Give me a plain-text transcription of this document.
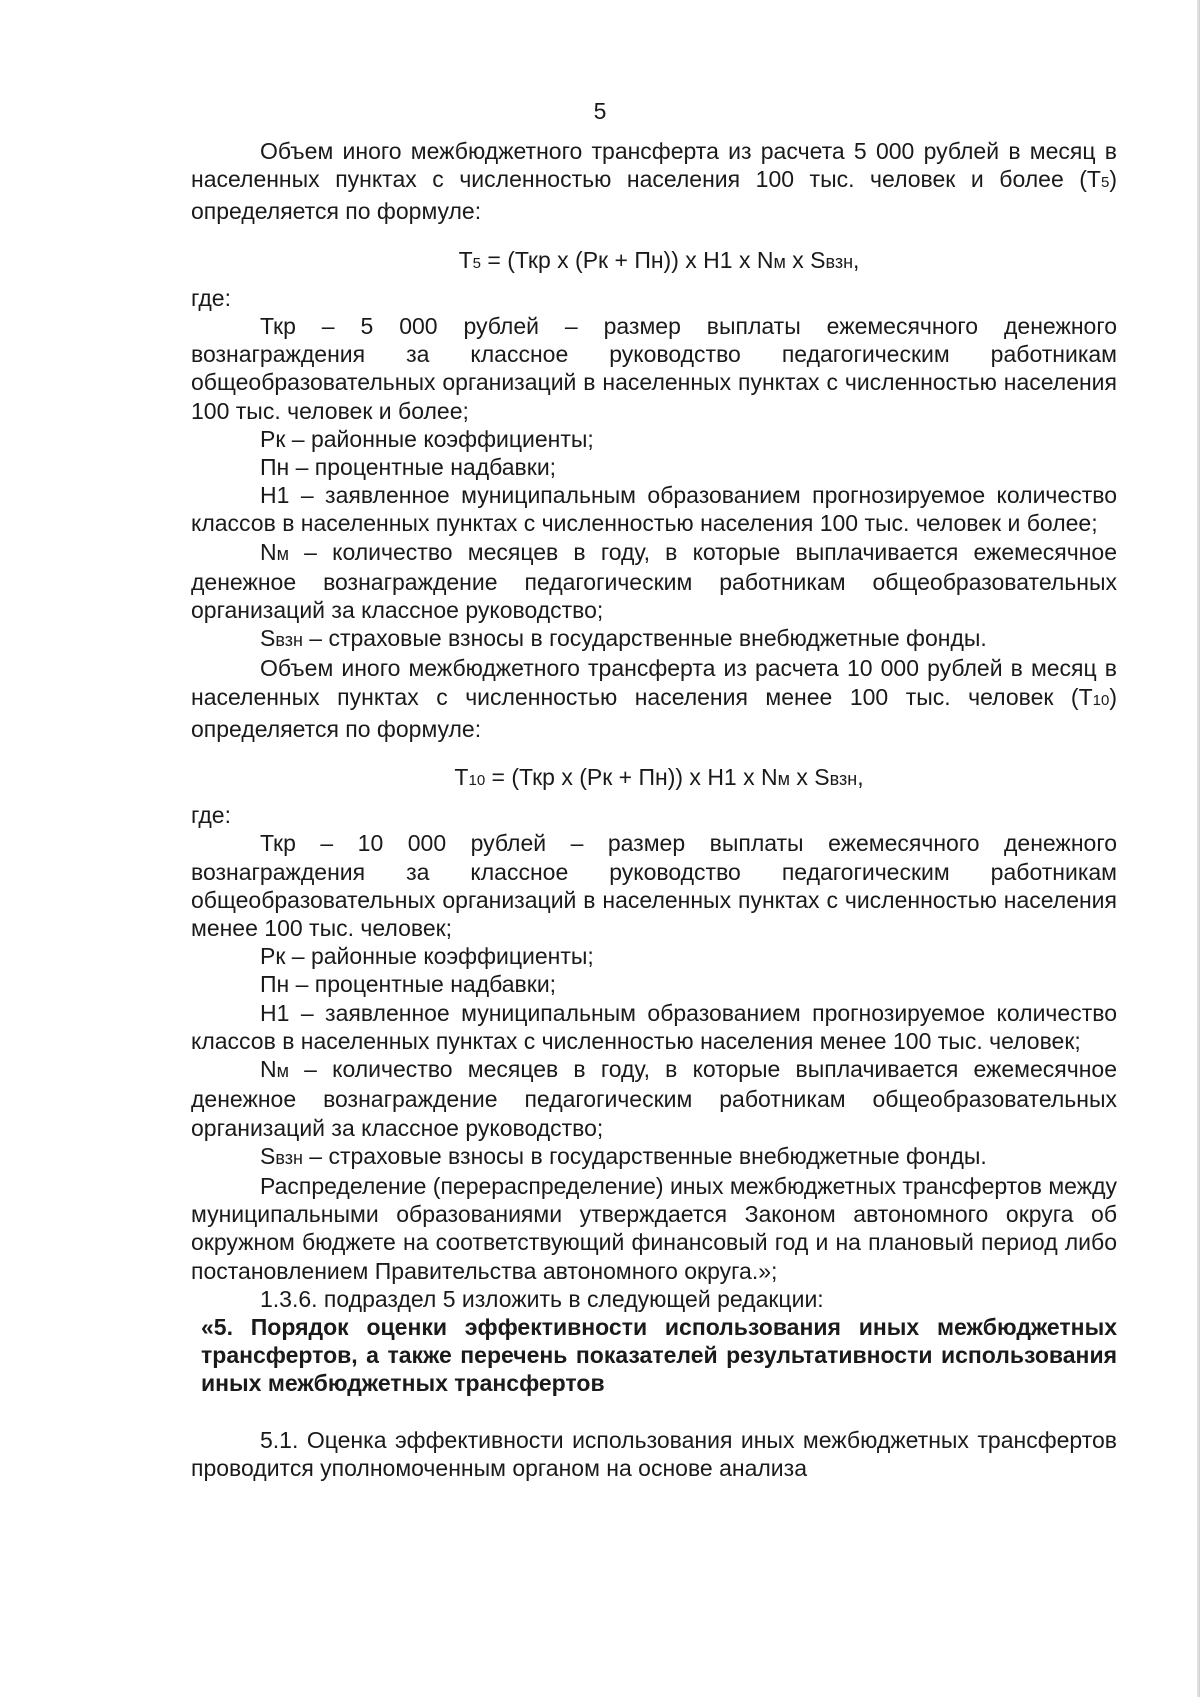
5

Объем иного межбюджетного трансферта из расчета 5 000 рублей в месяц в населенных пунктах с численностью населения 100 тыс. человек и более (Т5) определяется по формуле:

Т5 = (Ткр x (Рк + Пн)) x Н1 x Nм x Sвзн,

где:

Ткр – 5 000 рублей – размер выплаты ежемесячного денежного вознаграждения за классное руководство педагогическим работникам общеобразовательных организаций в населенных пунктах с численностью населения 100 тыс. человек и более;

Рк – районные коэффициенты;

Пн – процентные надбавки;

Н1 – заявленное муниципальным образованием прогнозируемое количество классов в населенных пунктах с численностью населения 100 тыс. человек и более;

Nм – количество месяцев в году, в которые выплачивается ежемесячное денежное вознаграждение педагогическим работникам общеобразовательных организаций за классное руководство;

Sвзн – страховые взносы в государственные внебюджетные фонды.

Объем иного межбюджетного трансферта из расчета 10 000 рублей в месяц в населенных пунктах с численностью населения менее 100 тыс. человек (Т10) определяется по формуле:

Т10 = (Ткр x (Рк + Пн)) x Н1 x Nм x Sвзн,

где:

Ткр – 10 000 рублей – размер выплаты ежемесячного денежного вознаграждения за классное руководство педагогическим работникам общеобразовательных организаций в населенных пунктах с численностью населения менее 100 тыс. человек;

Рк – районные коэффициенты;

Пн – процентные надбавки;

Н1 – заявленное муниципальным образованием прогнозируемое количество классов в населенных пунктах с численностью населения менее 100 тыс. человек;

Nм – количество месяцев в году, в которые выплачивается ежемесячное денежное вознаграждение педагогическим работникам общеобразовательных организаций за классное руководство;

Sвзн – страховые взносы в государственные внебюджетные фонды.

Распределение (перераспределение) иных межбюджетных трансфертов между муниципальными образованиями утверждается Законом автономного округа об окружном бюджете на соответствующий финансовый год и на плановый период либо постановлением Правительства автономного округа.»;

1.3.6. подраздел 5 изложить в следующей редакции:

«5. Порядок оценки эффективности использования иных межбюджетных трансфертов, а также перечень показателей результативности использования иных межбюджетных трансфертов

5.1. Оценка эффективности использования иных межбюджетных трансфертов проводится уполномоченным органом на основе анализа
